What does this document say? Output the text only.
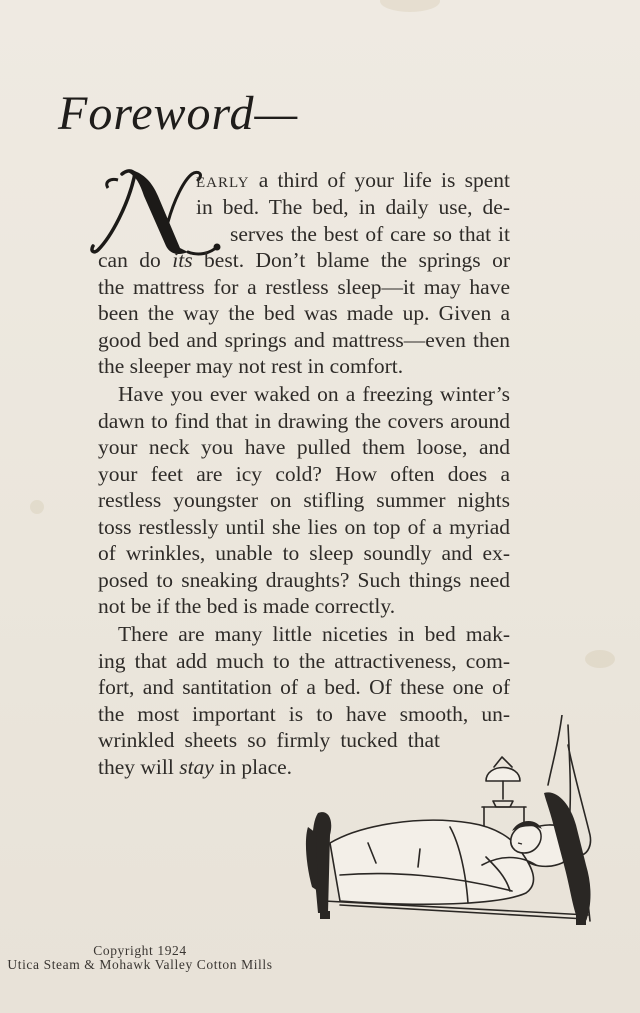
Foreword—
early a third of your life is spent
in bed. The bed, in daily use, de-
serves the best of care so that it
can do its best. Don’t blame the springs or
the mattress for a restless sleep—it may have
been the way the bed was made up. Given a
good bed and springs and mattress—even then
the sleeper may not rest in comfort.
Have you ever waked on a freezing winter’s
dawn to find that in drawing the covers around
your neck you have pulled them loose, and
your feet are icy cold? How often does a
restless youngster on stifling summer nights
toss restlessly until she lies on top of a myriad
of wrinkles, unable to sleep soundly and ex-
posed to sneaking draughts? Such things need
not be if the bed is made correctly.
There are many little niceties in bed mak-
ing that add much to the attractiveness, com-
fort, and santitation of a bed. Of these one of
the most important is to have smooth, un-
wrinkled sheets so firmly tucked that
they will stay in place.
Copyright 1924
Utica Steam & Mohawk Valley Cotton Mills
